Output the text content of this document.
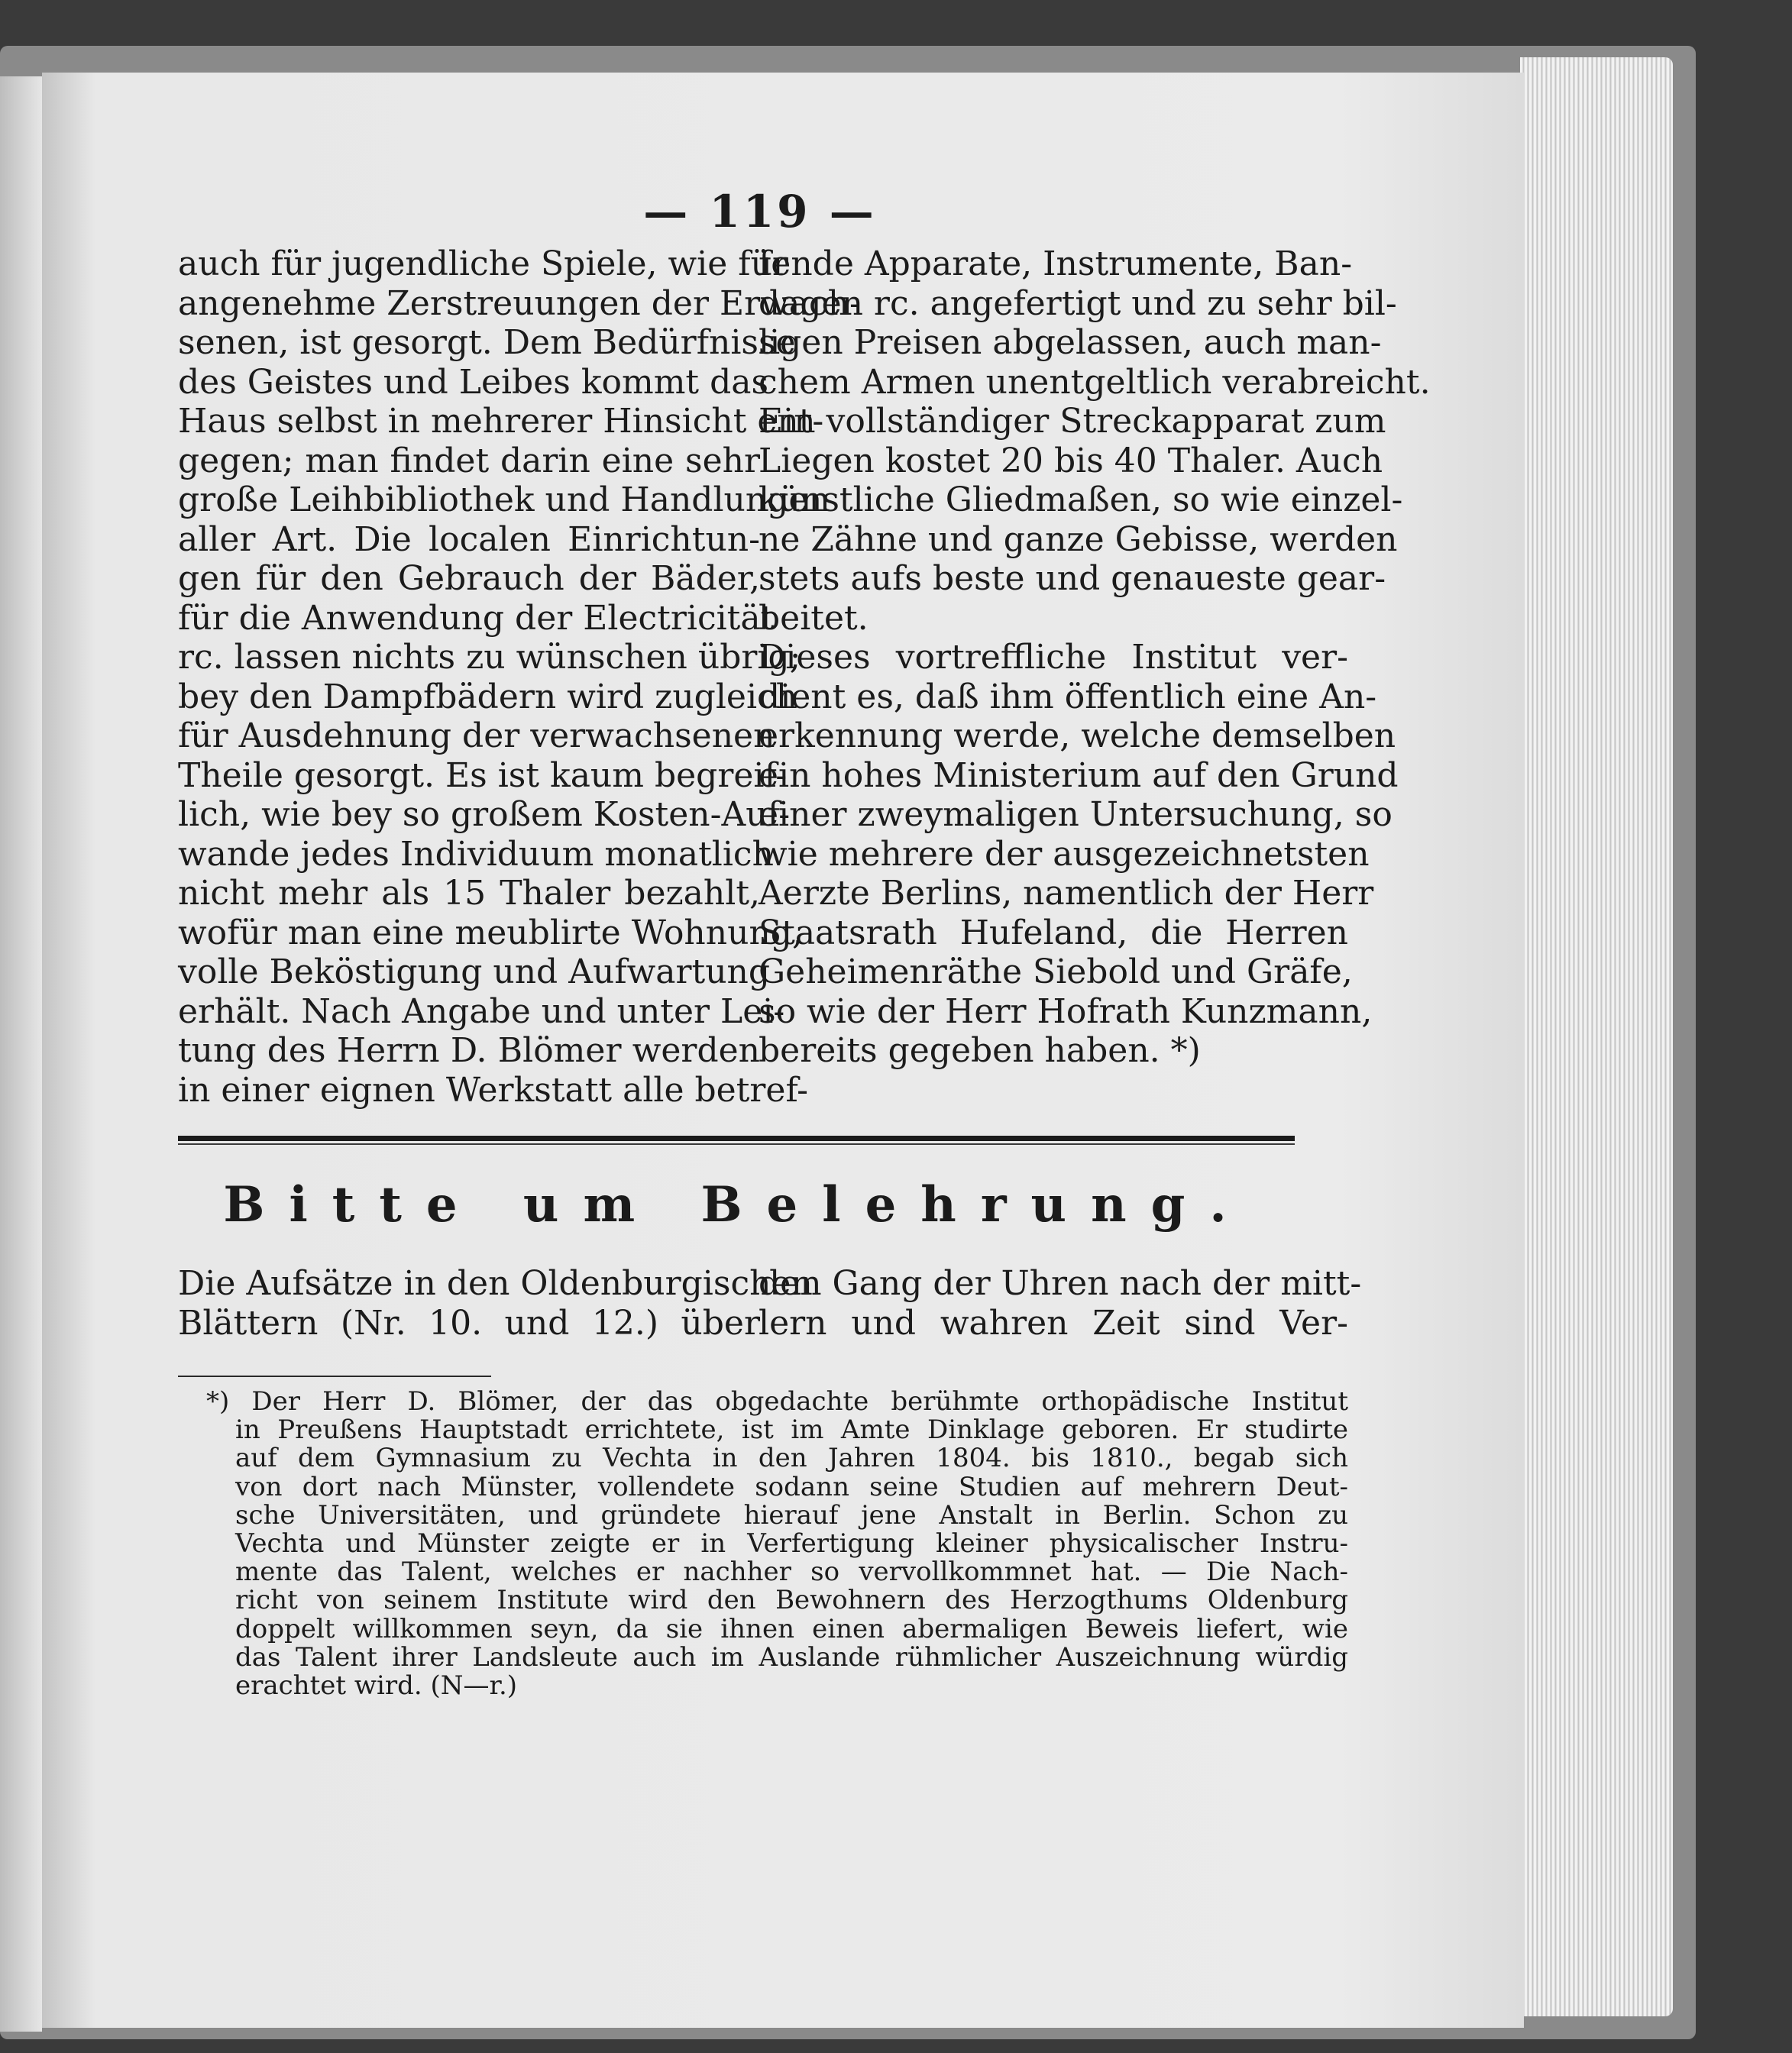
— 119 —
auch für jugendliche Spiele, wie für
angenehme Zerstreuungen der Erwach-
senen, ist gesorgt. Dem Bedürfnisse
des Geistes und Leibes kommt das
Haus selbst in mehrerer Hinsicht ent-
gegen; man findet darin eine sehr
große Leihbibliothek und Handlungen
aller Art. Die localen Einrichtun-
gen für den Gebrauch der Bäder,
für die Anwendung der Electricität
rc. lassen nichts zu wünschen übrig;
bey den Dampfbädern wird zugleich
für Ausdehnung der verwachsenen
Theile gesorgt. Es ist kaum begreif-
lich, wie bey so großem Kosten-Auf-
wande jedes Individuum monatlich
nicht mehr als 15 Thaler bezahlt,
wofür man eine meublirte Wohnung,
volle Beköstigung und Aufwartung
erhält. Nach Angabe und unter Lei-
tung des Herrn D. Blömer werden
in einer eignen Werkstatt alle betref-
fende Apparate, Instrumente, Ban-
dagen rc. angefertigt und zu sehr bil-
ligen Preisen abgelassen, auch man-
chem Armen unentgeltlich verabreicht.
Ein vollständiger Streckapparat zum
Liegen kostet 20 bis 40 Thaler. Auch
künstliche Gliedmaßen, so wie einzel-
ne Zähne und ganze Gebisse, werden
stets aufs beste und genaueste gear-
beitet.
Dieses vortreffliche Institut ver-
dient es, daß ihm öffentlich eine An-
erkennung werde, welche demselben
ein hohes Ministerium auf den Grund
einer zweymaligen Untersuchung, so
wie mehrere der ausgezeichnetsten
Aerzte Berlins, namentlich der Herr
Staatsrath Hufeland, die Herren
Geheimenräthe Siebold und Gräfe,
so wie der Herr Hofrath Kunzmann,
bereits gegeben haben. *)
Bitte um Belehrung.
Die Aufsätze in den Oldenburgischen
Blättern (Nr. 10. und 12.) über
den Gang der Uhren nach der mitt-
lern und wahren Zeit sind Ver-
*) Der Herr D. Blömer, der das obgedachte berühmte orthopädische Institut
in Preußens Hauptstadt errichtete, ist im Amte Dinklage geboren. Er studirte
auf dem Gymnasium zu Vechta in den Jahren 1804. bis 1810., begab sich
von dort nach Münster, vollendete sodann seine Studien auf mehrern Deut-
sche Universitäten, und gründete hierauf jene Anstalt in Berlin. Schon zu
Vechta und Münster zeigte er in Verfertigung kleiner physicalischer Instru-
mente das Talent, welches er nachher so vervollkommnet hat. — Die Nach-
richt von seinem Institute wird den Bewohnern des Herzogthums Oldenburg
doppelt willkommen seyn, da sie ihnen einen abermaligen Beweis liefert, wie
das Talent ihrer Landsleute auch im Auslande rühmlicher Auszeichnung würdig
erachtet wird. (N—r.)
